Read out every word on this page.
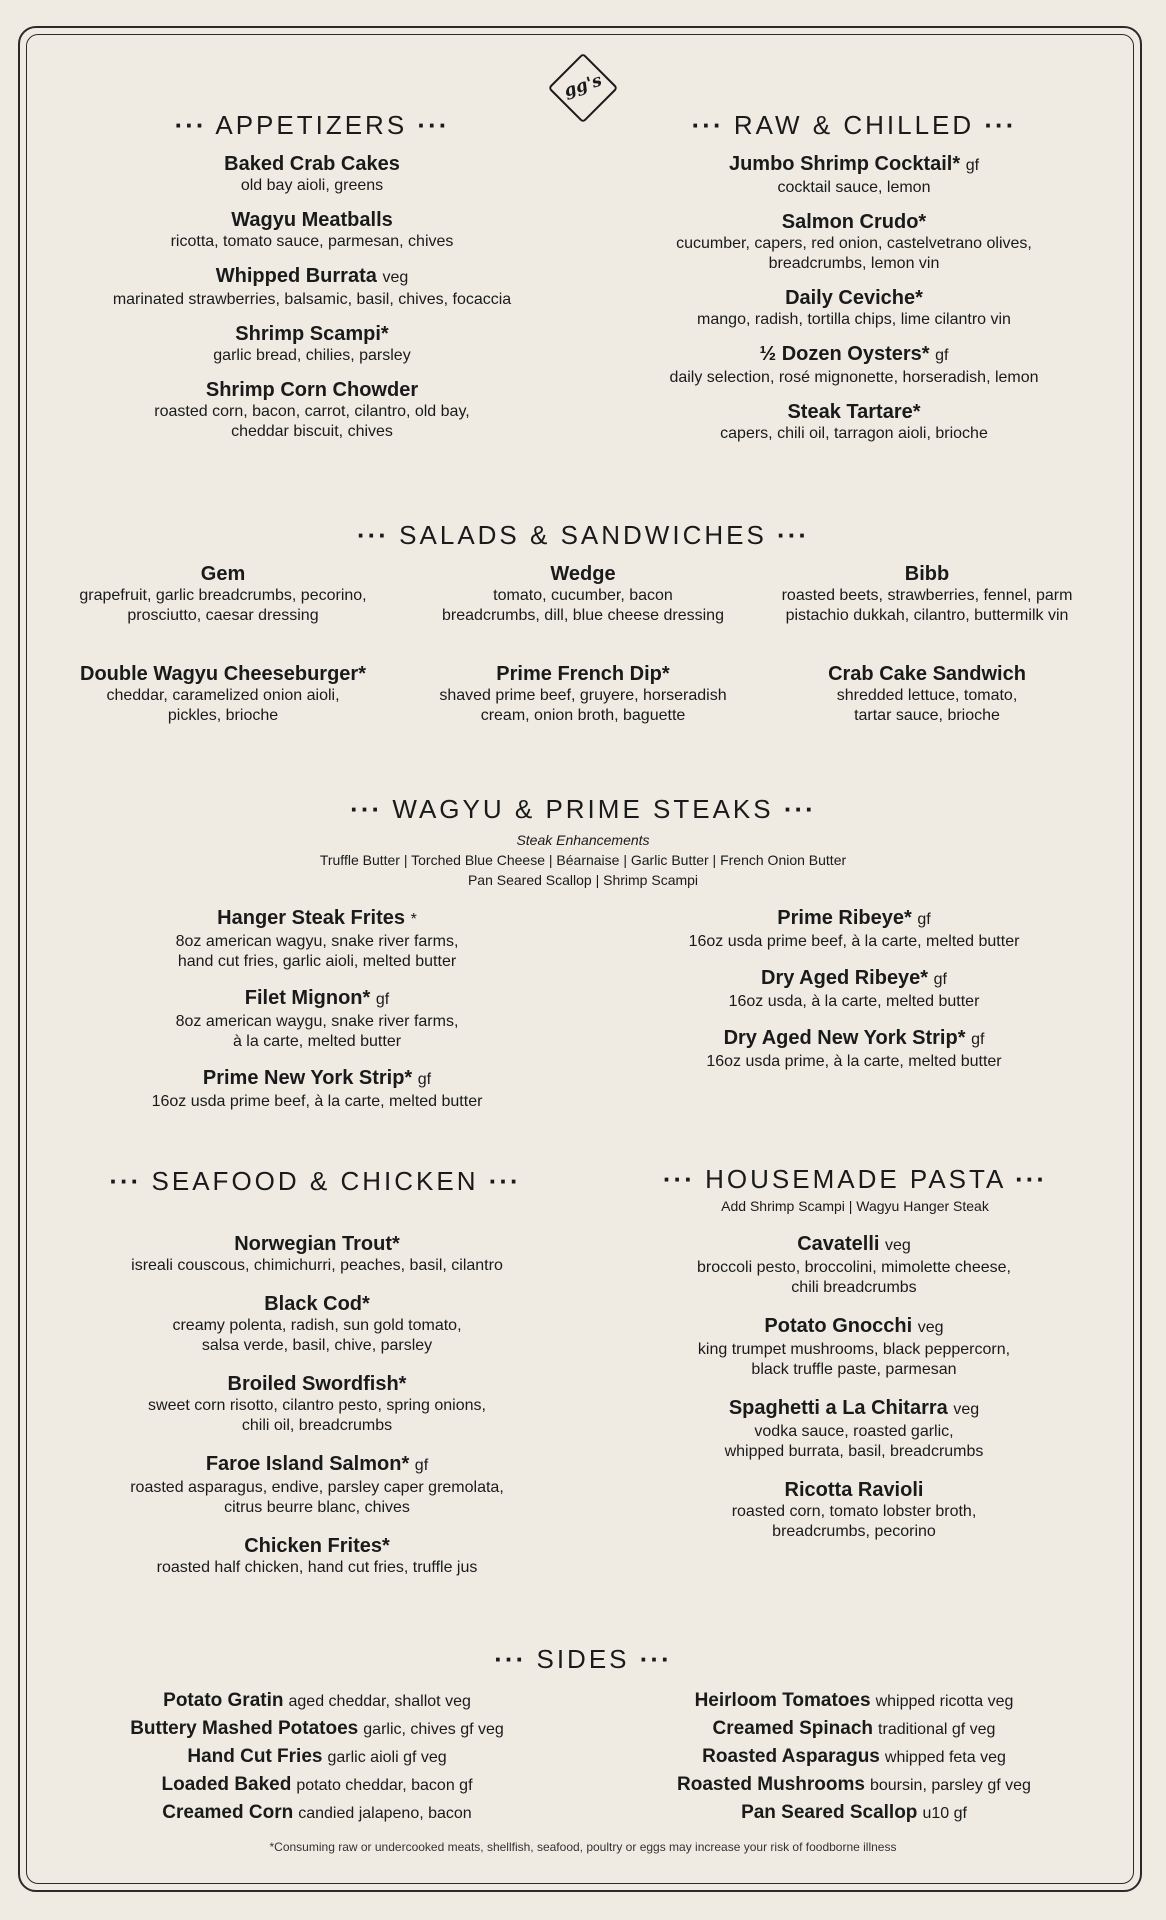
gg's
··· APPETIZERS ···	··· RAW & CHILLED ···
··· SALADS & SANDWICHES ···
··· WAGYU & PRIME STEAKS ···
··· SEAFOOD & CHICKEN ···	··· HOUSEMADE PASTA ···
··· SIDES ···
Steak Enhancements
Truffle Butter | Torched Blue Cheese | Béarnaise | Garlic Butter | French Onion Butter
Pan Seared Scallop | Shrimp Scampi
Add Shrimp Scampi | Wagyu Hanger Steak
Baked Crab Cakes
old bay aioli, greens
Wagyu Meatballs
ricotta, tomato sauce, parmesan, chives
Whipped Burrata veg
marinated strawberries, balsamic, basil, chives, focaccia
Shrimp Scampi*
garlic bread, chilies, parsley
Shrimp Corn Chowder
roasted corn, bacon, carrot, cilantro, old bay,
cheddar biscuit, chives
Jumbo Shrimp Cocktail* gf
cocktail sauce, lemon
Salmon Crudo*
cucumber, capers, red onion, castelvetrano olives,
breadcrumbs, lemon vin
Daily Ceviche*
mango, radish, tortilla chips, lime cilantro vin
½ Dozen Oysters* gf
daily selection, rosé mignonette, horseradish, lemon
Steak Tartare*
capers, chili oil, tarragon aioli, brioche
Gem
grapefruit, garlic breadcrumbs, pecorino,
prosciutto, caesar dressing
Wedge
tomato, cucumber, bacon
breadcrumbs, dill, blue cheese dressing
Bibb
roasted beets, strawberries, fennel, parm
pistachio dukkah, cilantro, buttermilk vin
Double Wagyu Cheeseburger*
cheddar, caramelized onion aioli,
pickles, brioche
Prime French Dip*
shaved prime beef, gruyere, horseradish
cream, onion broth, baguette
Crab Cake Sandwich
shredded lettuce, tomato,
tartar sauce, brioche
Hanger Steak Frites *
8oz american wagyu, snake river farms,
hand cut fries, garlic aioli, melted butter
Filet Mignon* gf
8oz american waygu, snake river farms,
à la carte, melted butter
Prime New York Strip* gf
16oz usda prime beef, à la carte, melted butter
Prime Ribeye* gf
16oz usda prime beef, à la carte, melted butter
Dry Aged Ribeye* gf
16oz usda, à la carte, melted butter
Dry Aged New York Strip* gf
16oz usda prime, à la carte, melted butter
Norwegian Trout*
isreali couscous, chimichurri, peaches, basil, cilantro
Black Cod*
creamy polenta, radish, sun gold tomato,
salsa verde, basil, chive, parsley
Broiled Swordfish*
sweet corn risotto, cilantro pesto, spring onions,
chili oil, breadcrumbs
Faroe Island Salmon* gf
roasted asparagus, endive, parsley caper gremolata,
citrus beurre blanc, chives
Chicken Frites*
roasted half chicken, hand cut fries, truffle jus
Cavatelli veg
broccoli pesto, broccolini, mimolette cheese,
chili breadcrumbs
Potato Gnocchi veg
king trumpet mushrooms, black peppercorn,
black truffle paste, parmesan
Spaghetti a La Chitarra veg
vodka sauce, roasted garlic,
whipped burrata, basil, breadcrumbs
Ricotta Ravioli
roasted corn, tomato lobster broth,
breadcrumbs, pecorino
Potato Gratin aged cheddar, shallot veg
Buttery Mashed Potatoes garlic, chives gf veg
Hand Cut Fries garlic aioli gf veg
Loaded Baked potato cheddar, bacon gf
Creamed Corn candied jalapeno, bacon
Heirloom Tomatoes whipped ricotta veg
Creamed Spinach traditional gf veg
Roasted Asparagus whipped feta veg
Roasted Mushrooms boursin, parsley gf veg
Pan Seared Scallop u10 gf
*Consuming raw or undercooked meats, shellfish, seafood, poultry or eggs may increase your risk of foodborne illness
